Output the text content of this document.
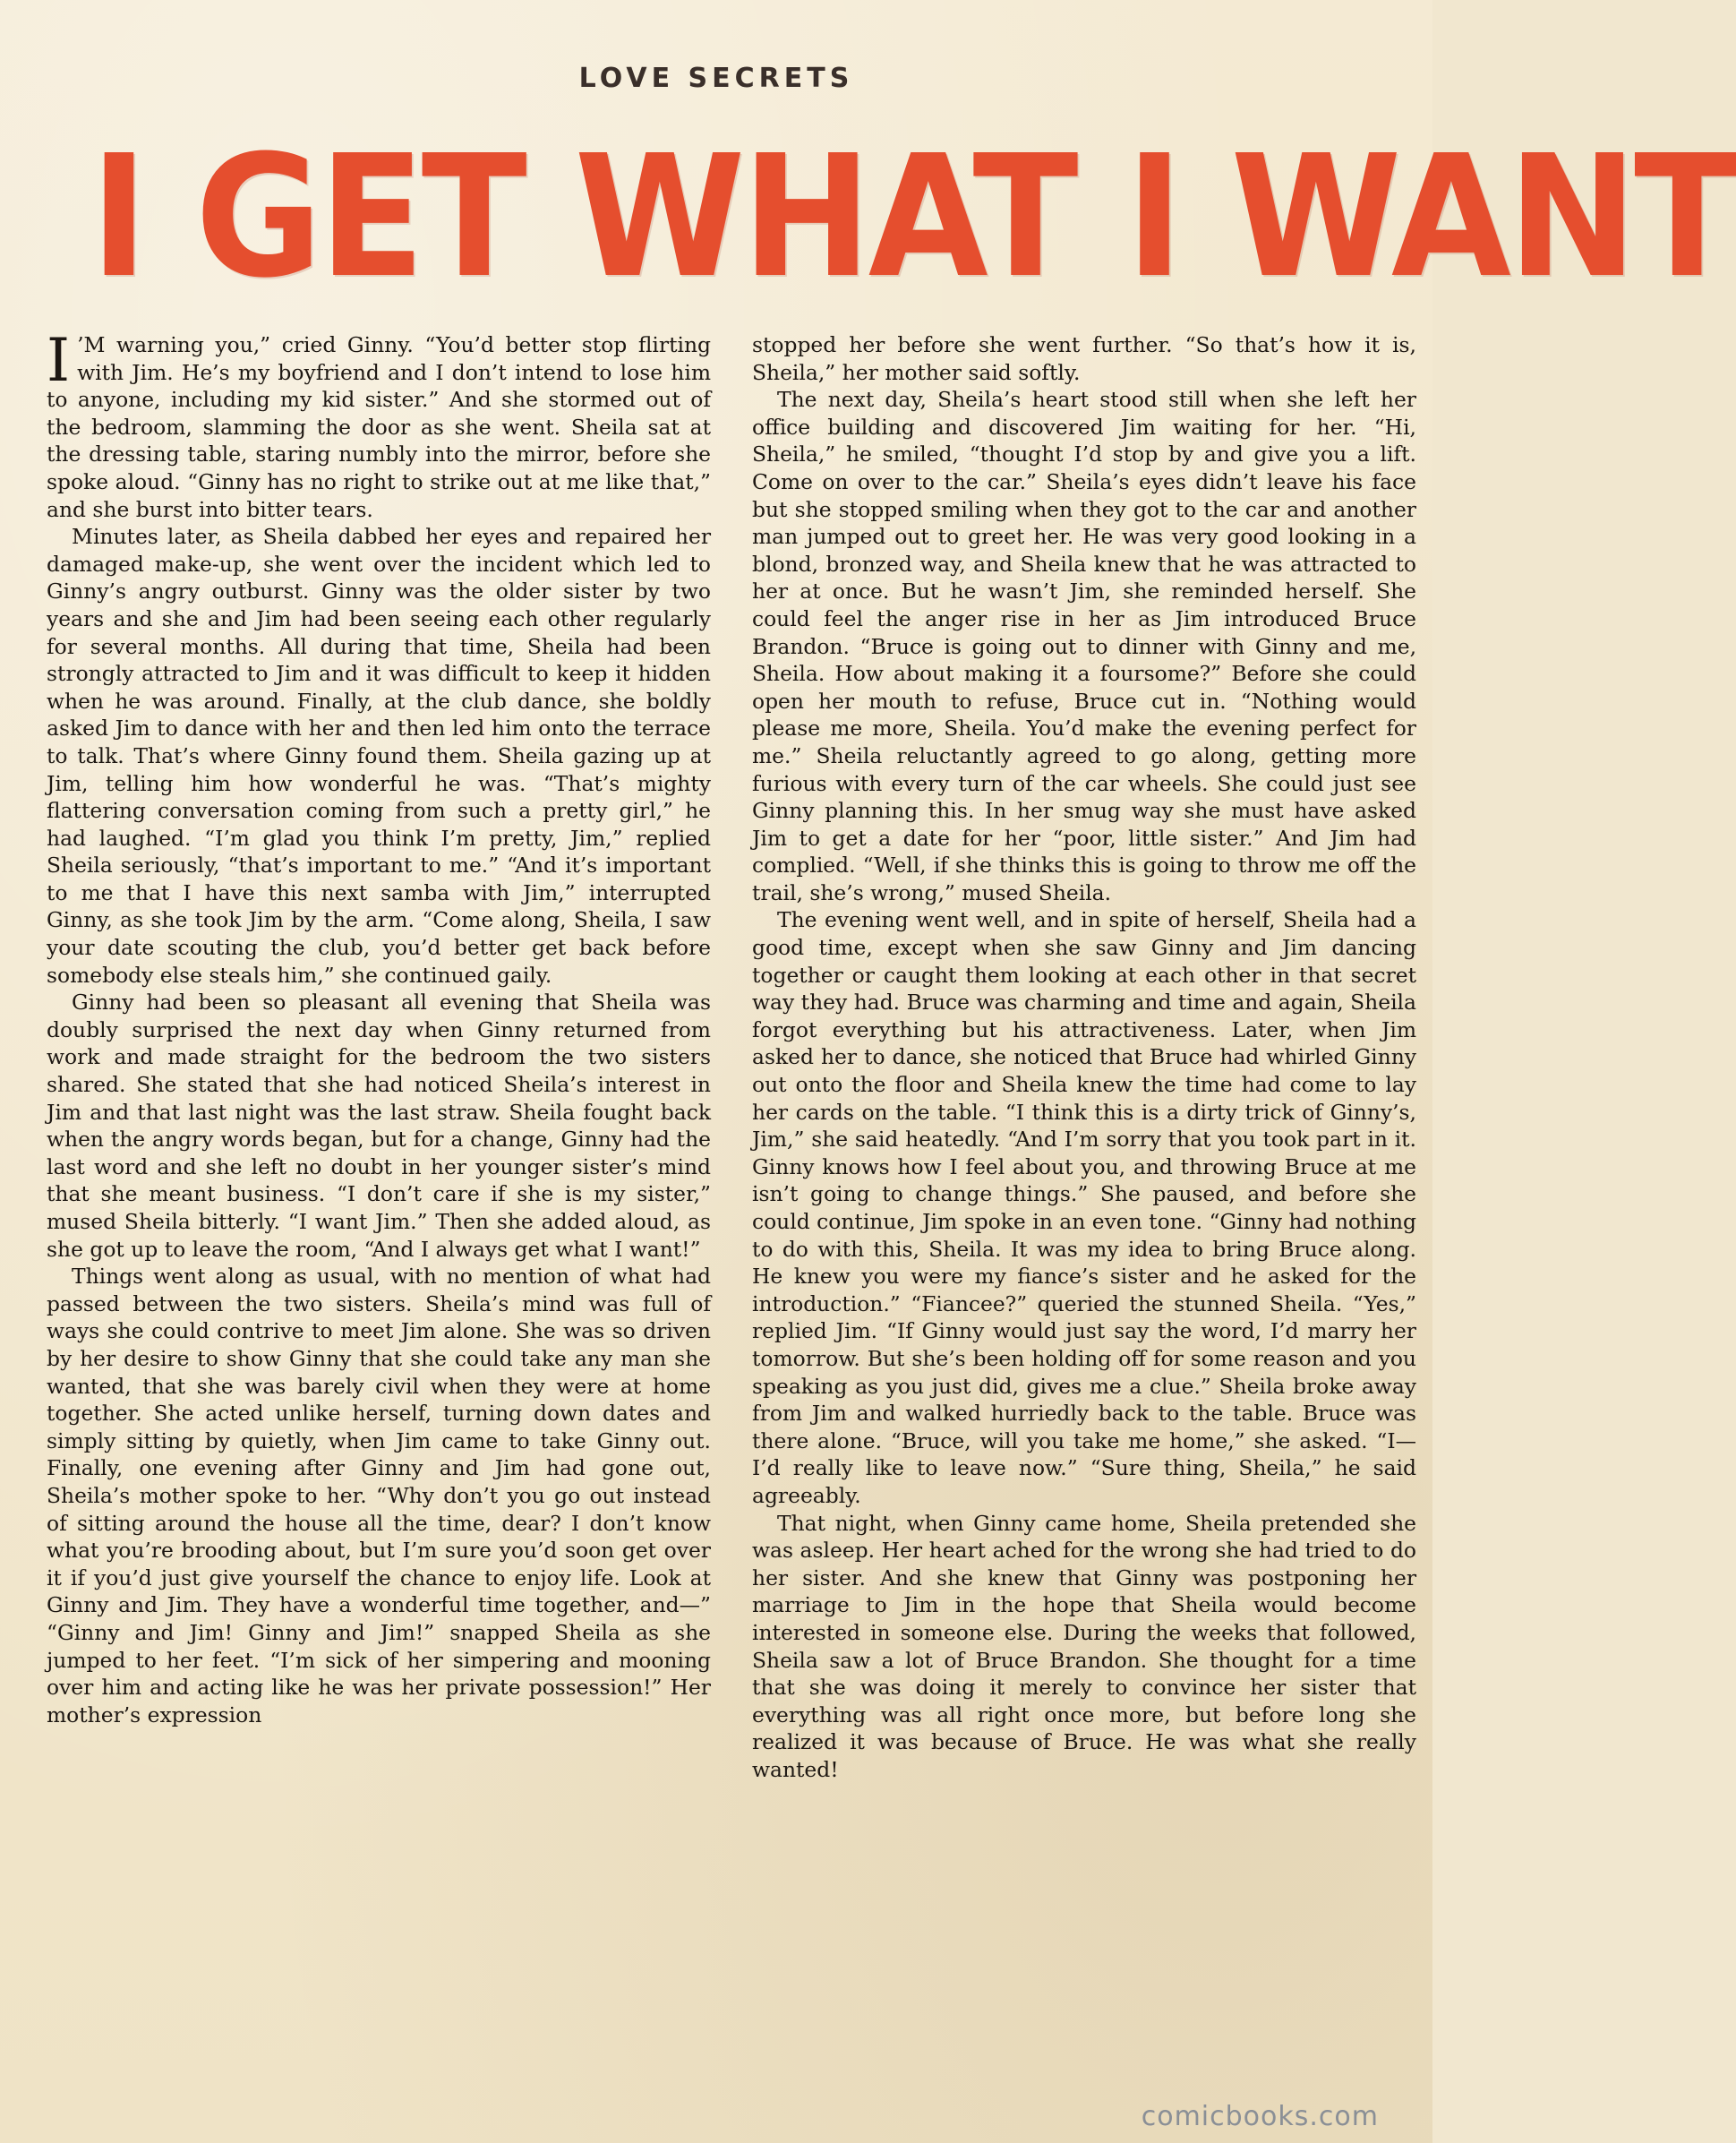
LOVE SECRETS
I GET WHAT I WANT

I ’M warning you,” cried Ginny. “You’d better stop flirting with Jim. He’s my boyfriend and I don’t intend to lose him to anyone, including my kid sister.” And she stormed out of the bedroom, slamming the door as she went. Sheila sat at the dressing table, staring numbly into the mirror, before she spoke aloud. “Ginny has no right to strike out at me like that,” and she burst into bitter tears.

Minutes later, as Sheila dabbed her eyes and repaired her damaged make-up, she went over the incident which led to Ginny’s angry outburst. Ginny was the older sister by two years and she and Jim had been seeing each other regularly for several months. All during that time, Sheila had been strongly attracted to Jim and it was difficult to keep it hidden when he was around. Finally, at the club dance, she boldly asked Jim to dance with her and then led him onto the terrace to talk. That’s where Ginny found them. Sheila gazing up at Jim, telling him how wonderful he was. “That’s mighty flattering conversation coming from such a pretty girl,” he had laughed. “I’m glad you think I’m pretty, Jim,” replied Sheila seriously, “that’s important to me.” “And it’s important to me that I have this next samba with Jim,” interrupted Ginny, as she took Jim by the arm. “Come along, Sheila, I saw your date scouting the club, you’d better get back before somebody else steals him,” she continued gaily.

Ginny had been so pleasant all evening that Sheila was doubly surprised the next day when Ginny returned from work and made straight for the bedroom the two sisters shared. She stated that she had noticed Sheila’s interest in Jim and that last night was the last straw. Sheila fought back when the angry words began, but for a change, Ginny had the last word and she left no doubt in her younger sister’s mind that she meant business. “I don’t care if she is my sister,” mused Sheila bitterly. “I want Jim.” Then she added aloud, as she got up to leave the room, “And I always get what I want!”

Things went along as usual, with no mention of what had passed between the two sisters. Sheila’s mind was full of ways she could contrive to meet Jim alone. She was so driven by her desire to show Ginny that she could take any man she wanted, that she was barely civil when they were at home together. She acted unlike herself, turning down dates and simply sitting by quietly, when Jim came to take Ginny out. Finally, one evening after Ginny and Jim had gone out, Sheila’s mother spoke to her. “Why don’t you go out instead of sitting around the house all the time, dear? I don’t know what you’re brooding about, but I’m sure you’d soon get over it if you’d just give yourself the chance to enjoy life. Look at Ginny and Jim. They have a wonderful time together, and—” “Ginny and Jim! Ginny and Jim!” snapped Sheila as she jumped to her feet. “I’m sick of her simpering and mooning over him and acting like he was her private possession!” Her mother’s expression

stopped her before she went further. “So that’s how it is, Sheila,” her mother said softly.

The next day, Sheila’s heart stood still when she left her office building and discovered Jim waiting for her. “Hi, Sheila,” he smiled, “thought I’d stop by and give you a lift. Come on over to the car.” Sheila’s eyes didn’t leave his face but she stopped smiling when they got to the car and another man jumped out to greet her. He was very good looking in a blond, bronzed way, and Sheila knew that he was attracted to her at once. But he wasn’t Jim, she reminded herself. She could feel the anger rise in her as Jim introduced Bruce Brandon. “Bruce is going out to dinner with Ginny and me, Sheila. How about making it a foursome?” Before she could open her mouth to refuse, Bruce cut in. “Nothing would please me more, Sheila. You’d make the evening perfect for me.” Sheila reluctantly agreed to go along, getting more furious with every turn of the car wheels. She could just see Ginny planning this. In her smug way she must have asked Jim to get a date for her “poor, little sister.” And Jim had complied. “Well, if she thinks this is going to throw me off the trail, she’s wrong,” mused Sheila.

The evening went well, and in spite of herself, Sheila had a good time, except when she saw Ginny and Jim dancing together or caught them looking at each other in that secret way they had. Bruce was charming and time and again, Sheila forgot everything but his attractiveness. Later, when Jim asked her to dance, she noticed that Bruce had whirled Ginny out onto the floor and Sheila knew the time had come to lay her cards on the table. “I think this is a dirty trick of Ginny’s, Jim,” she said heatedly. “And I’m sorry that you took part in it. Ginny knows how I feel about you, and throwing Bruce at me isn’t going to change things.” She paused, and before she could continue, Jim spoke in an even tone. “Ginny had nothing to do with this, Sheila. It was my idea to bring Bruce along. He knew you were my fiance’s sister and he asked for the introduction.” “Fiancee?” queried the stunned Sheila. “Yes,” replied Jim. “If Ginny would just say the word, I’d marry her tomorrow. But she’s been holding off for some reason and you speaking as you just did, gives me a clue.” Sheila broke away from Jim and walked hurriedly back to the table. Bruce was there alone. “Bruce, will you take me home,” she asked. “I—I’d really like to leave now.” “Sure thing, Sheila,” he said agreeably.

That night, when Ginny came home, Sheila pretended she was asleep. Her heart ached for the wrong she had tried to do her sister. And she knew that Ginny was postponing her marriage to Jim in the hope that Sheila would become interested in someone else. During the weeks that followed, Sheila saw a lot of Bruce Brandon. She thought for a time that she was doing it merely to convince her sister that everything was all right once more, but before long she realized it was because of Bruce. He was what she really wanted!

comicbooks.com
